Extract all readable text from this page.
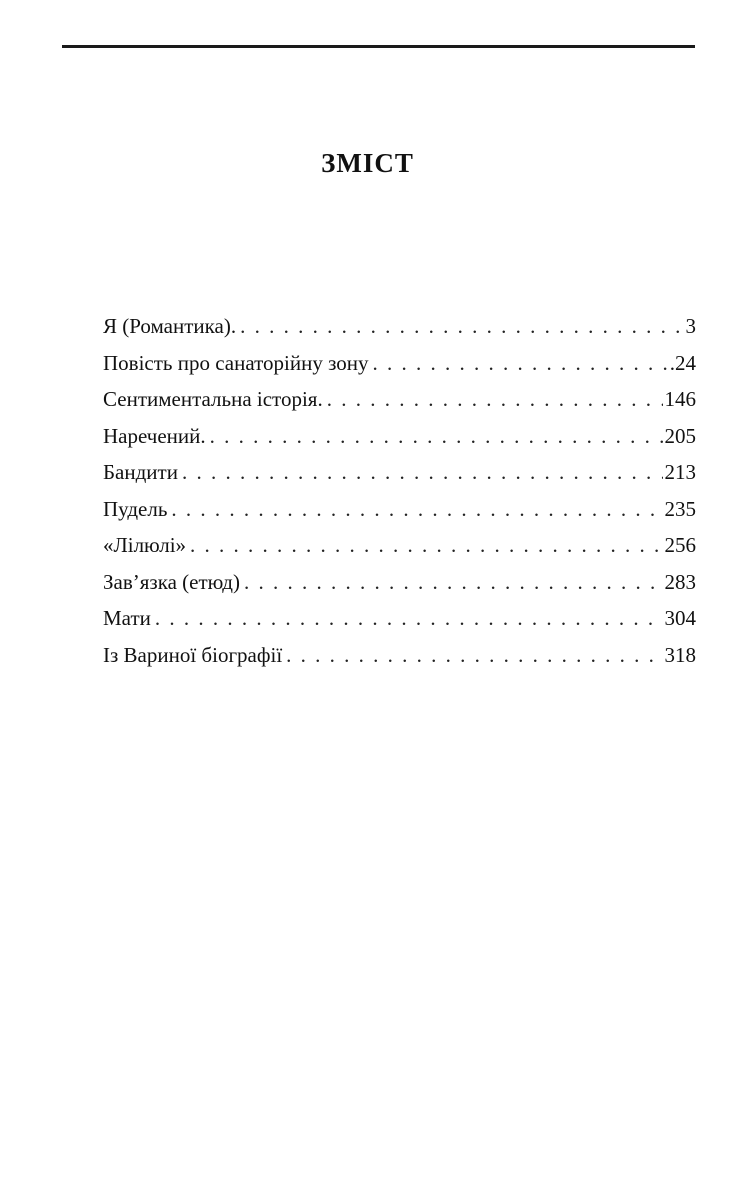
ЗМІСТ
Я (Романтика). . . .	3
Повість про санаторійну зону . . .	.24
Сентиментальна історія. . . .	146
Наречений. . . .	205
Бандити . . .	213
Пудель . . .	235
«Лілюлі» . . .	256
Зав’язка (етюд) . . .	283
Мати . . .	304
Із Вариної біографії . . .	318
